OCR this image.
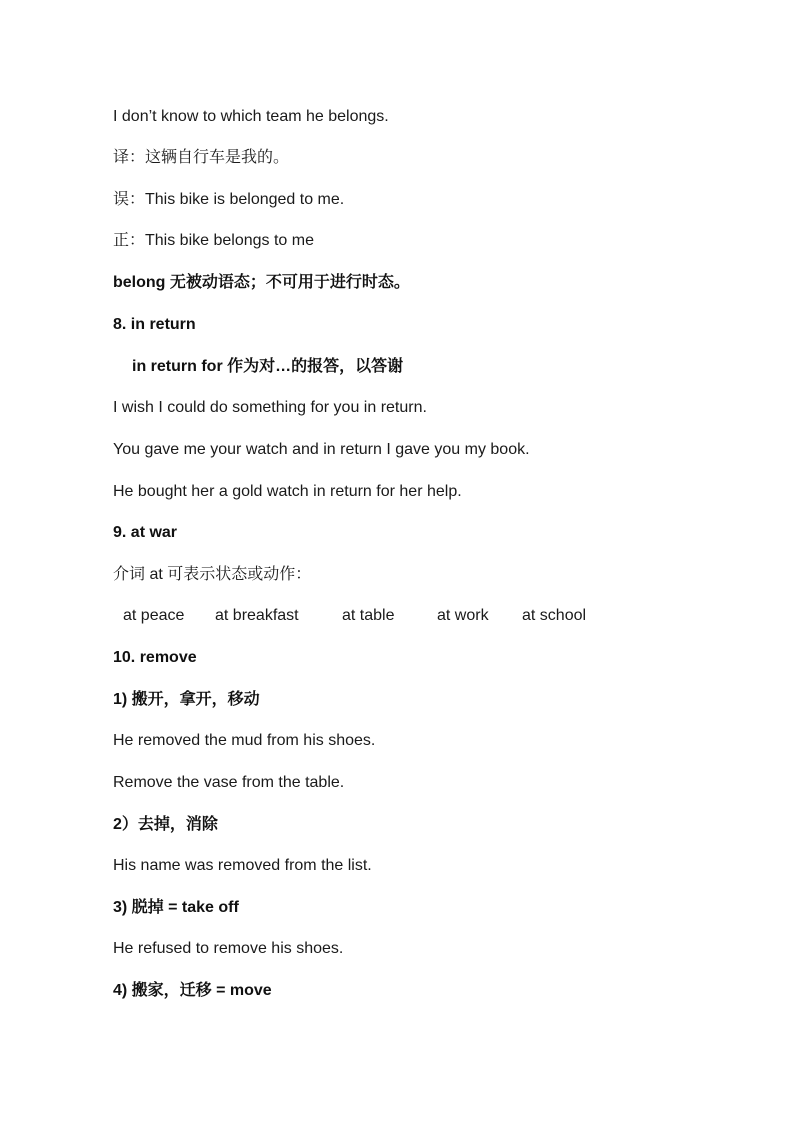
I don’t know to which team he belongs.
译：这辆自行车是我的。
误：This bike is belonged to me.
正：This bike belongs to me
belong 无被动语态；不可用于进行时态。
8. in return
in return for 作为对…的报答，以答谢
I wish I could do something for you in return.
You gave me your watch and in return I gave you my book.
He bought her a gold watch in return for her help.
9. at war
介词 at 可表示状态或动作：
at peace at breakfast	at table	at work at school
10. remove
1) 搬开，拿开，移动
He removed the mud from his shoes.
Remove the vase from the table.
2）去掉，消除
His name was removed from the list.
3) 脱掉 = take off
He refused to remove his shoes.
4) 搬家，迁移 = move
